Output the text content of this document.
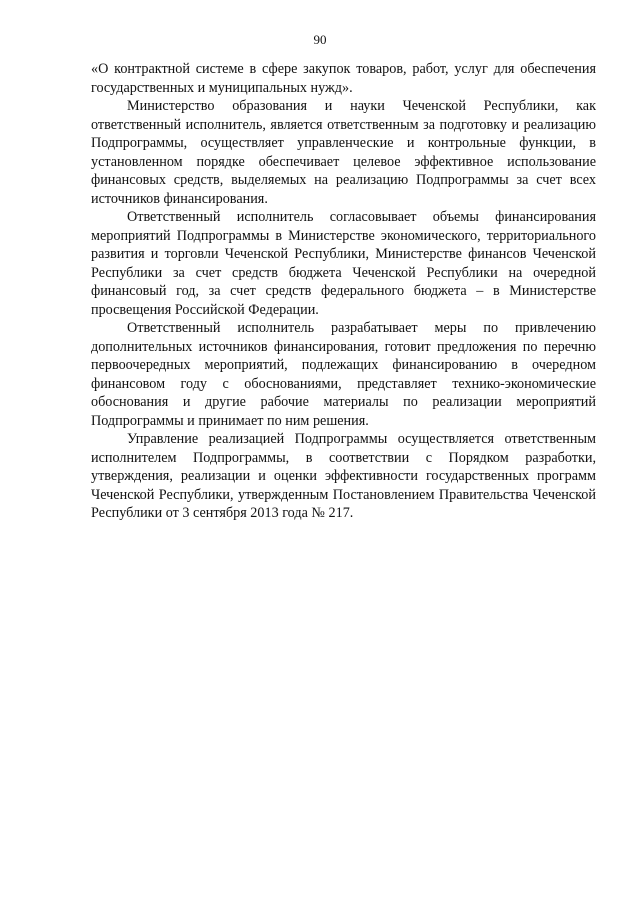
90

«О контрактной системе в сфере закупок товаров, работ, услуг для обеспечения государственных и муниципальных нужд».

Министерство образования и науки Чеченской Республики, как ответственный исполнитель, является ответственным за подготовку и реализацию Подпрограммы, осуществляет управленческие и контрольные функции, в установленном порядке обеспечивает целевое эффективное использование финансовых средств, выделяемых на реализацию Подпрограммы за счет всех источников финансирования.

Ответственный исполнитель согласовывает объемы финансирования мероприятий Подпрограммы в Министерстве экономического, территориального развития и торговли Чеченской Республики, Министерстве финансов Чеченской Республики за счет средств бюджета Чеченской Республики на очередной финансовый год, за счет средств федерального бюджета – в Министерстве просвещения Российской Федерации.

Ответственный исполнитель разрабатывает меры по привлечению дополнительных источников финансирования, готовит предложения по перечню первоочередных мероприятий, подлежащих финансированию в очередном финансовом году с обоснованиями, представляет технико-экономические обоснования и другие рабочие материалы по реализации мероприятий Подпрограммы и принимает по ним решения.

Управление реализацией Подпрограммы осуществляется ответственным исполнителем Подпрограммы, в соответствии с Порядком разработки, утверждения, реализации и оценки эффективности государственных программ Чеченской Республики, утвержденным Постановлением Правительства Чеченской Республики от 3 сентября 2013 года № 217.
